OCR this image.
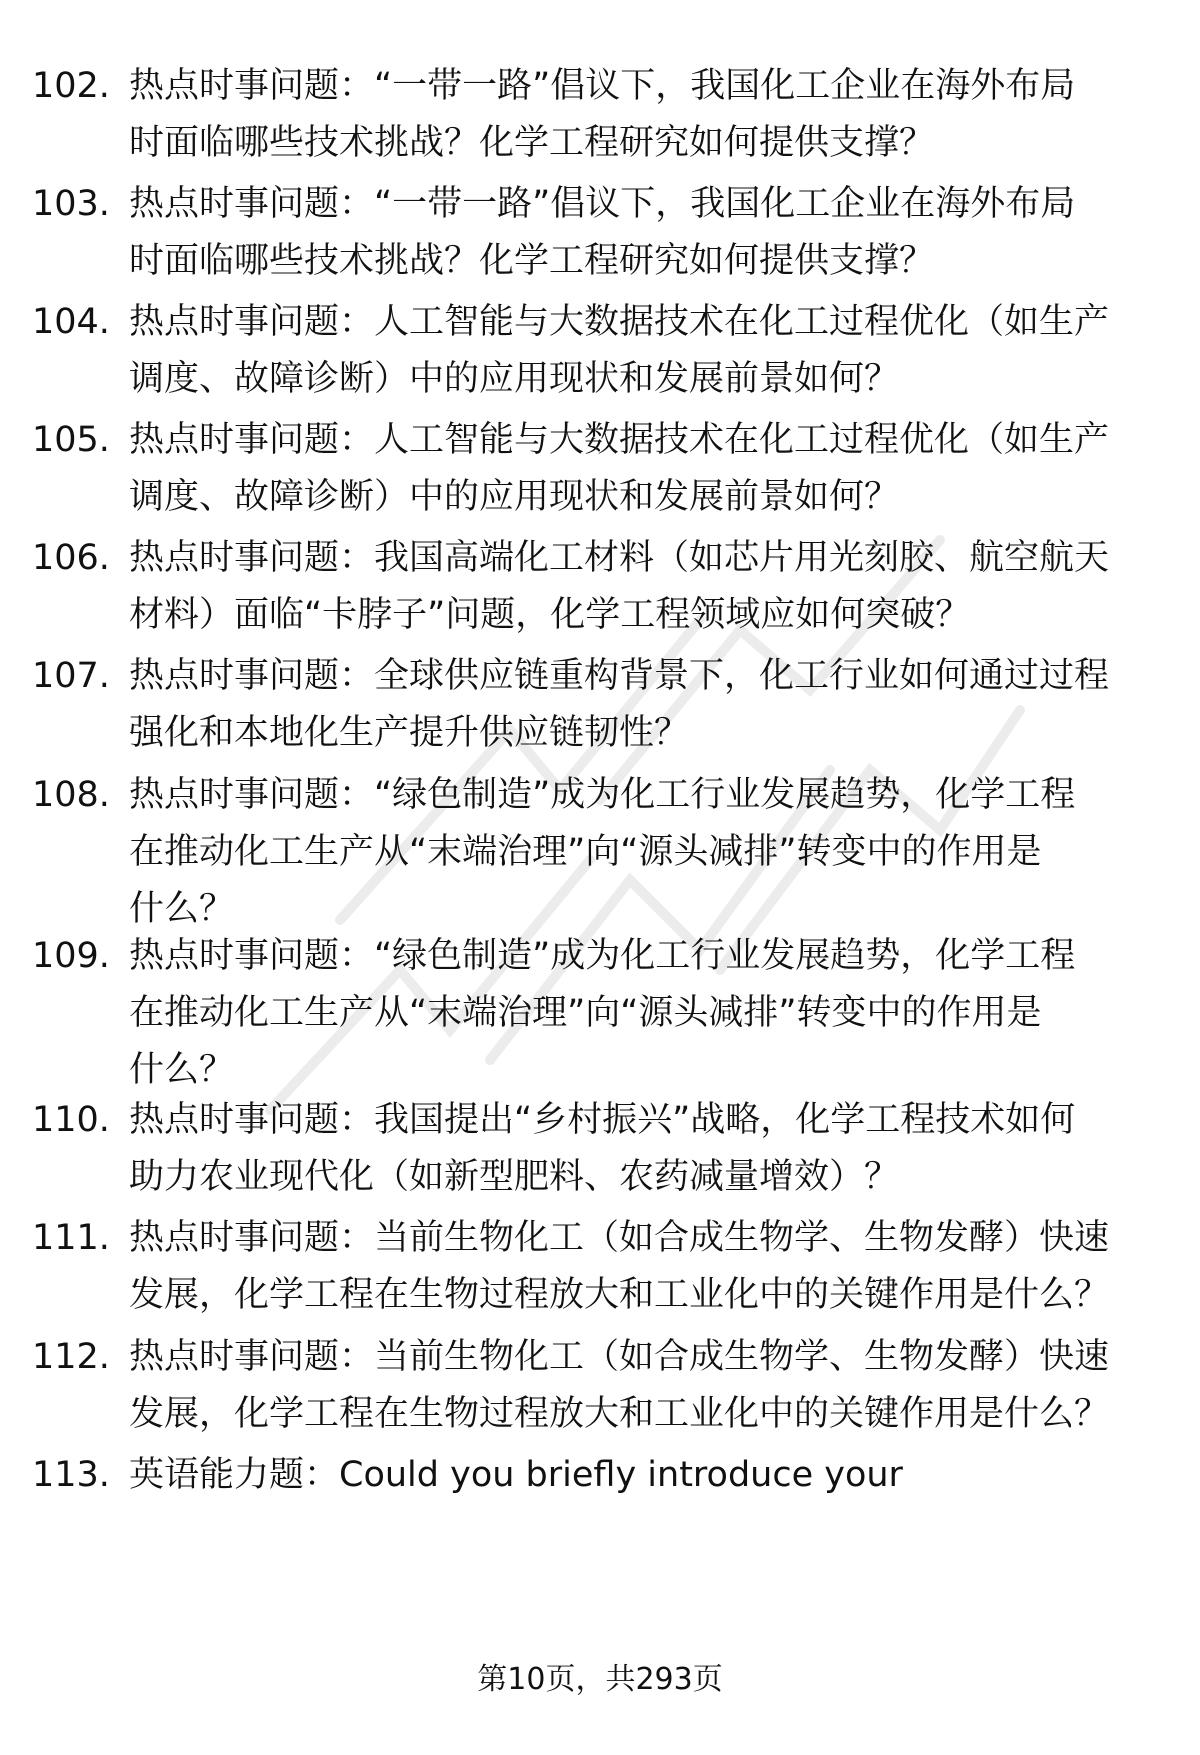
102. 热点时事问题：“一带一路”倡议下，我国化工企业在海外布局
时面临哪些技术挑战？化学工程研究如何提供支撑？
103. 热点时事问题：“一带一路”倡议下，我国化工企业在海外布局
时面临哪些技术挑战？化学工程研究如何提供支撑？
104. 热点时事问题：人工智能与大数据技术在化工过程优化（如生产
调度、故障诊断）中的应用现状和发展前景如何？
105. 热点时事问题：人工智能与大数据技术在化工过程优化（如生产
调度、故障诊断）中的应用现状和发展前景如何？
106. 热点时事问题：我国高端化工材料（如芯片用光刻胶、航空航天
材料）面临“卡脖子”问题，化学工程领域应如何突破？
107. 热点时事问题：全球供应链重构背景下，化工行业如何通过过程
强化和本地化生产提升供应链韧性？
108. 热点时事问题：“绿色制造”成为化工行业发展趋势，化学工程
在推动化工生产从“末端治理”向“源头减排”转变中的作用是
什么？
109. 热点时事问题：“绿色制造”成为化工行业发展趋势，化学工程
在推动化工生产从“末端治理”向“源头减排”转变中的作用是
什么？
110. 热点时事问题：我国提出“乡村振兴”战略，化学工程技术如何
助力农业现代化（如新型肥料、农药减量增效）？
111. 热点时事问题：当前生物化工（如合成生物学、生物发酵）快速
发展，化学工程在生物过程放大和工业化中的关键作用是什么？
112. 热点时事问题：当前生物化工（如合成生物学、生物发酵）快速
发展，化学工程在生物过程放大和工业化中的关键作用是什么？
113. 英语能力题：Could you briefly introduce your
第10页，共293页
